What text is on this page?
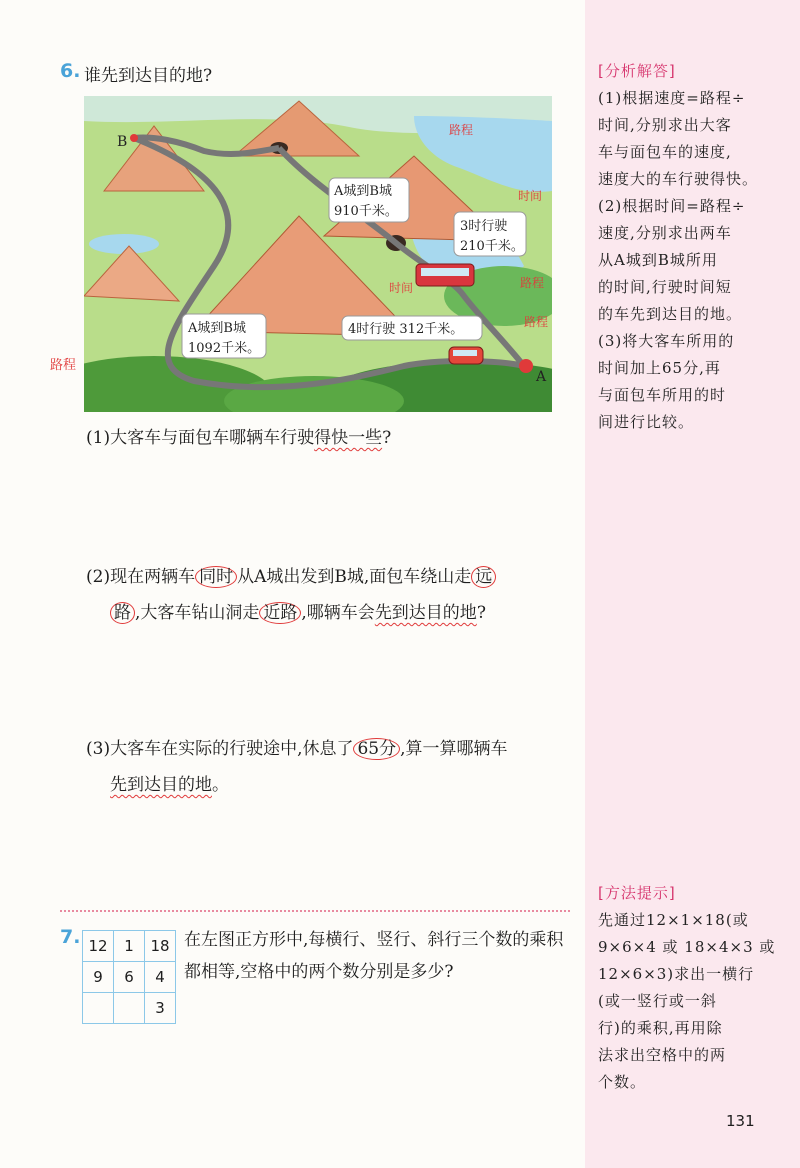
[分析解答]

(1)根据速度=路程÷

时间,分别求出大客

车与面包车的速度,

速度大的车行驶得快。

(2)根据时间=路程÷

速度,分别求出两车

从A城到B城所用

的时间,行驶时间短

的车先到达目的地。

(3)将大客车所用的

时间加上65分,再

与面包车所用的时

间进行比较。

[方法提示]

先通过12×1×18(或

9×6×4 或 18×4×3 或

12×6×3)求出一横行

(或一竖行或一斜

行)的乘积,再用除

法求出空格中的两

个数。

6. 谁先到达目的地?
B
A
路程
路程
路程
时间
时间
A城到B城
910千米。
3时行驶
210千米。
A城到B城
1092千米。
4时行驶 312千米。
路程
(1)大客车与面包车哪辆车行驶得快一些?
(2)现在两辆车 同时 从A城出发到B城,面包车绕山走 远
路 ,大客车钻山洞走 近路 ,哪辆车会先到达目的地?
(3)大客车在实际的行驶途中,休息了 65分 ,算一算哪辆车
先到达目的地。
7. 12	1	18
9	6	4
		3
在左图正方形中,每横行、竖行、斜行三个数的乘积都相等,空格中的两个数分别是多少?
131
